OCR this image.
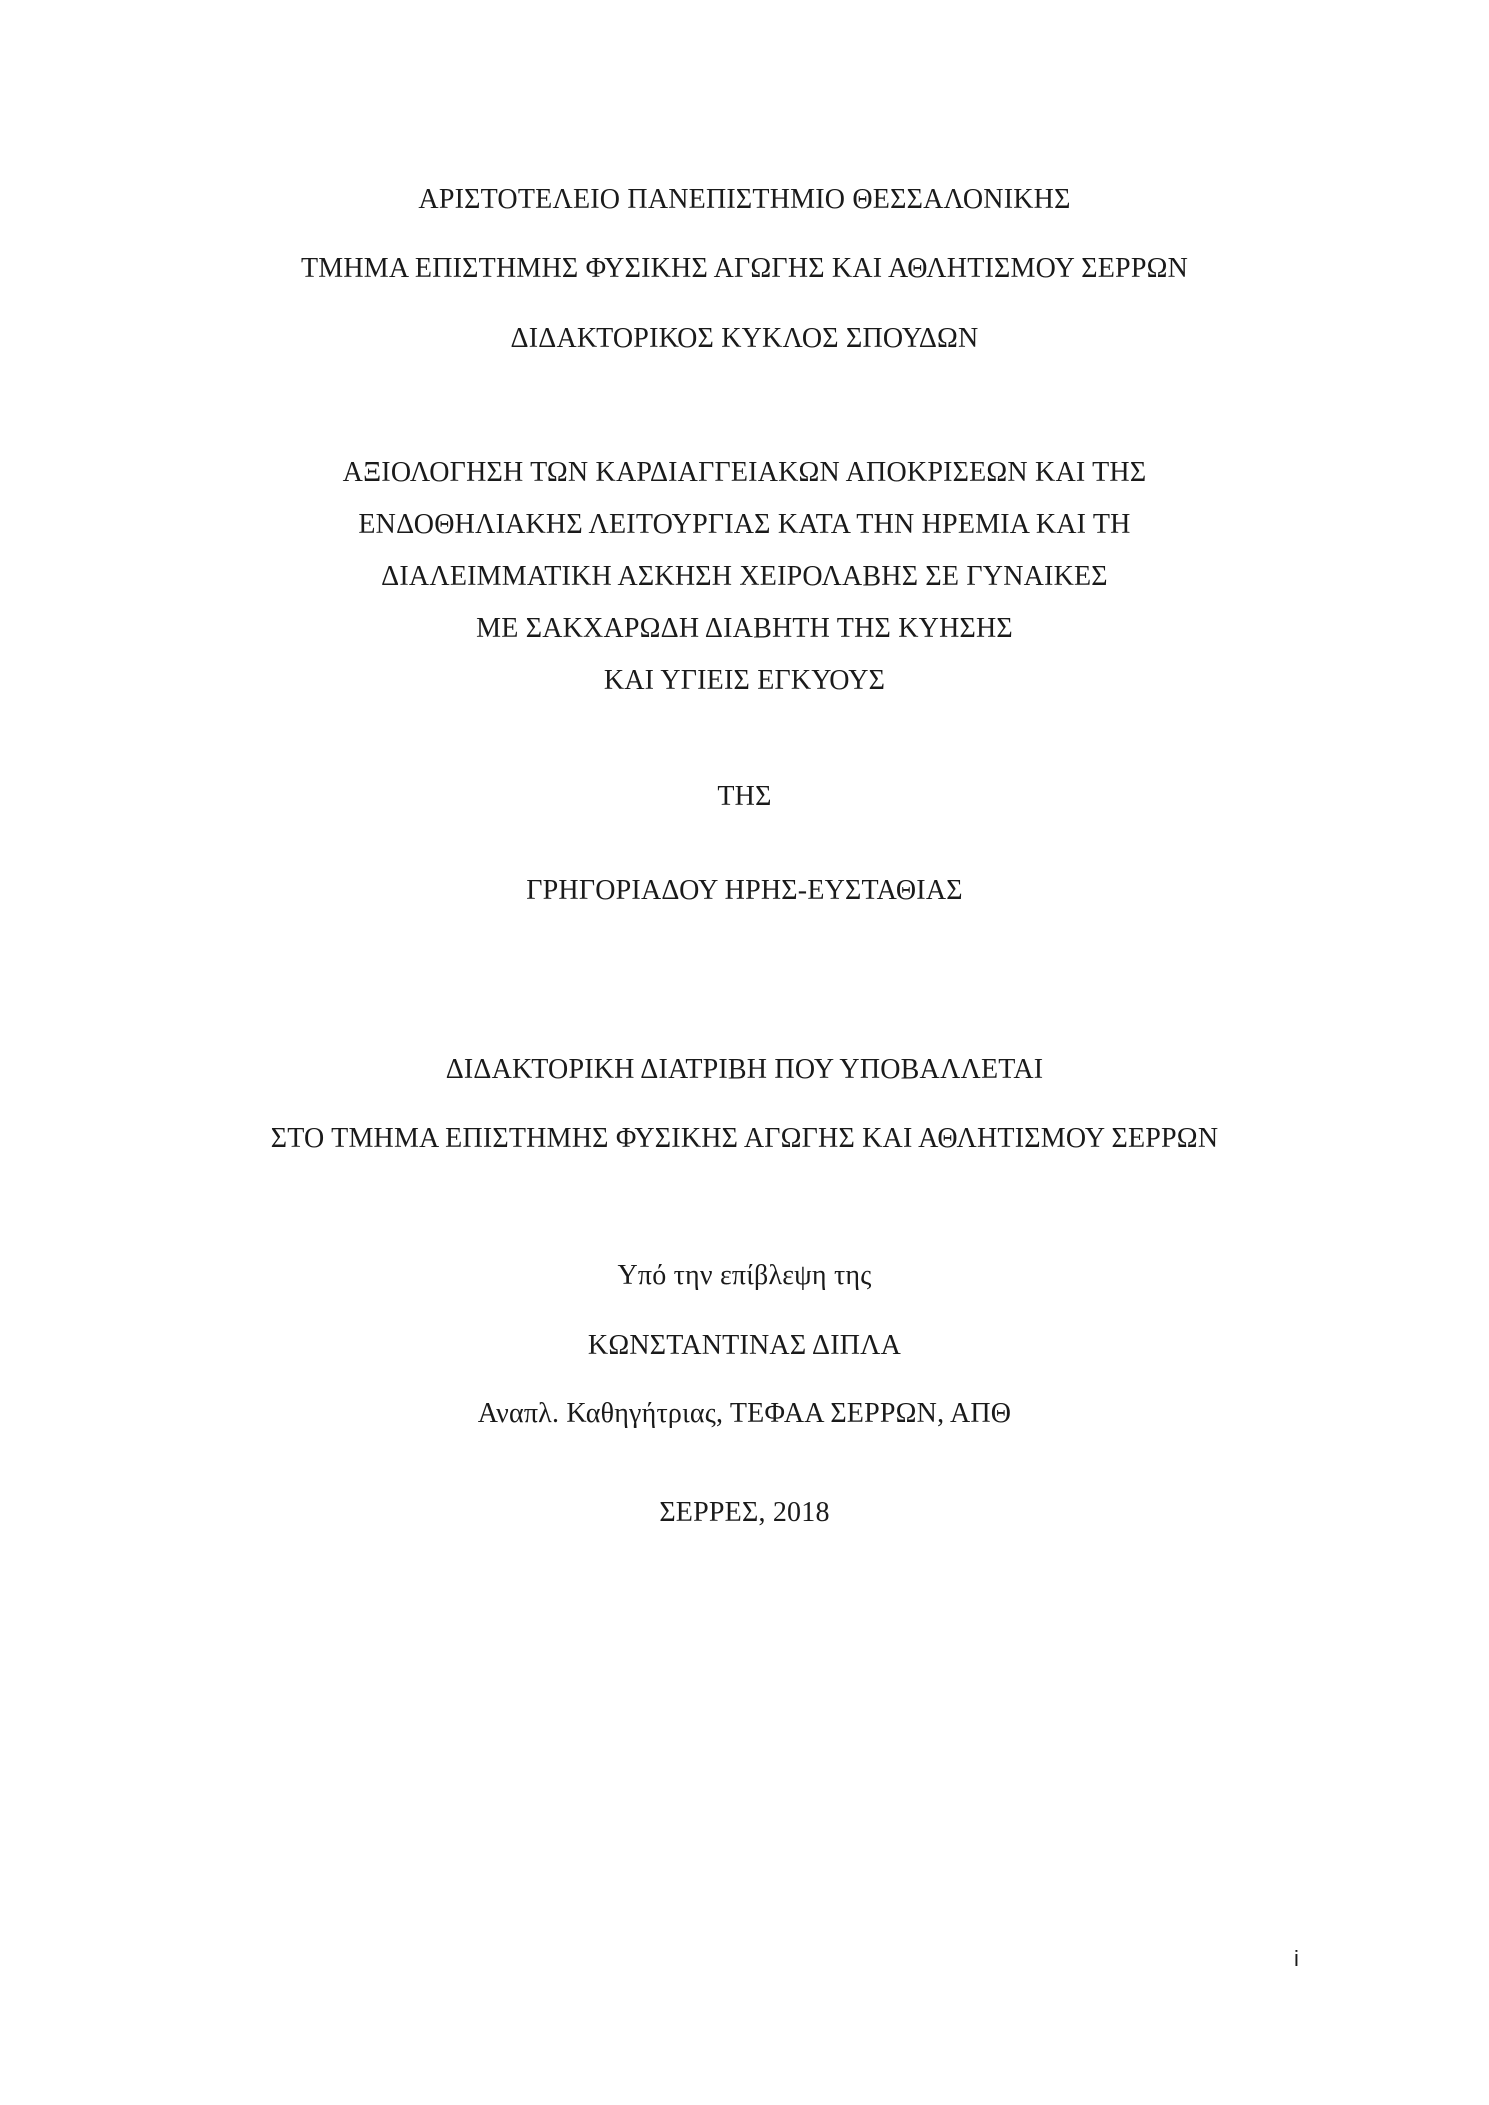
ΑΡΙΣΤΟΤΕΛΕΙΟ ΠΑΝΕΠΙΣΤΗΜΙΟ ΘΕΣΣΑΛΟΝΙΚΗΣ
ΤΜΗΜΑ ΕΠΙΣΤΗΜΗΣ ΦΥΣΙΚΗΣ ΑΓΩΓΗΣ ΚΑΙ ΑΘΛΗΤΙΣΜΟΥ ΣΕΡΡΩΝ
ΔΙΔΑΚΤΟΡΙΚΟΣ ΚΥΚΛΟΣ ΣΠΟΥΔΩΝ
ΑΞΙΟΛΟΓΗΣΗ ΤΩΝ ΚΑΡΔΙΑΓΓΕΙΑΚΩΝ ΑΠΟΚΡΙΣΕΩΝ ΚΑΙ ΤΗΣ
ΕΝΔΟΘΗΛΙΑΚΗΣ ΛΕΙΤΟΥΡΓΙΑΣ ΚΑΤΑ ΤΗΝ ΗΡΕΜΙΑ ΚΑΙ ΤΗ
ΔΙΑΛΕΙΜΜΑΤΙΚΗ ΑΣΚΗΣΗ ΧΕΙΡΟΛΑΒΗΣ ΣΕ ΓΥΝΑΙΚΕΣ
ΜΕ ΣΑΚΧΑΡΩΔΗ ΔΙΑΒΗΤΗ ΤΗΣ ΚΥΗΣΗΣ
ΚΑΙ ΥΓΙΕΙΣ ΕΓΚΥΟΥΣ
ΤΗΣ
ΓΡΗΓΟΡΙΑΔΟΥ ΗΡΗΣ-ΕΥΣΤΑΘΙΑΣ
ΔΙΔΑΚΤΟΡΙΚΗ ΔΙΑΤΡΙΒΗ ΠΟΥ ΥΠΟΒΑΛΛΕΤΑΙ
ΣΤΟ ΤΜΗΜΑ ΕΠΙΣΤΗΜΗΣ ΦΥΣΙΚΗΣ ΑΓΩΓΗΣ ΚΑΙ ΑΘΛΗΤΙΣΜΟΥ ΣΕΡΡΩΝ
Υπό την επίβλεψη της
ΚΩΝΣΤΑΝΤΙΝΑΣ ΔΙΠΛΑ
Αναπλ. Καθηγήτριας, ΤΕΦΑΑ ΣΕΡΡΩΝ, ΑΠΘ
ΣΕΡΡΕΣ, 2018
i
